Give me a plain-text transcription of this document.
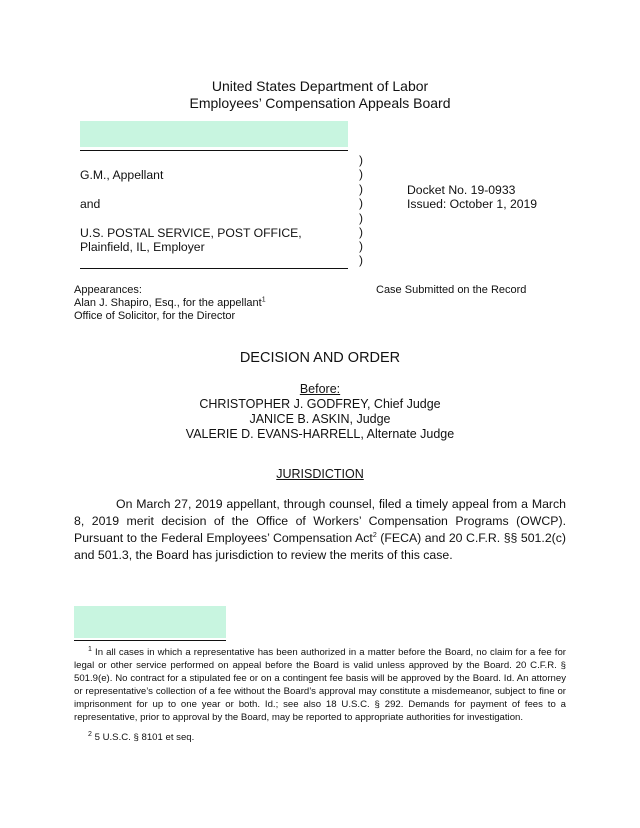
United States Department of Labor
Employees’ Compensation Appeals Board
G.M., Appellant
and
U.S. POSTAL SERVICE, POST OFFICE,
Plainfield, IL, Employer
)
)
)
)
)
)
)
)
Docket No. 19-0933
Issued: October 1, 2019
Appearances:
Alan J. Shapiro, Esq., for the appellant$^1$
Office of Solicitor, for the Director
Case Submitted on the Record
DECISION AND ORDER
Before:
CHRISTOPHER J. GODFREY, Chief Judge
JANICE B. ASKIN, Judge
VALERIE D. EVANS-HARRELL, Alternate Judge
JURISDICTION
On March 27, 2019 appellant, through counsel, filed a timely appeal from a March 8, 2019 merit decision of the Office of Workers’ Compensation Programs (OWCP). Pursuant to the Federal Employees’ Compensation Act$^2$ (FECA) and 20 C.F.R. §§ 501.2(c) and 501.3, the Board has jurisdiction to review the merits of this case.
$^1$ In all cases in which a representative has been authorized in a matter before the Board, no claim for a fee for legal or other service performed on appeal before the Board is valid unless approved by the Board. 20 C.F.R. § 501.9(e). No contract for a stipulated fee or on a contingent fee basis will be approved by the Board. Id. An attorney or representative’s collection of a fee without the Board’s approval may constitute a misdemeanor, subject to fine or imprisonment for up to one year or both. Id.; see also 18 U.S.C. § 292. Demands for payment of fees to a representative, prior to approval by the Board, may be reported to appropriate authorities for investigation.
$^2$ 5 U.S.C. § 8101 et seq.
